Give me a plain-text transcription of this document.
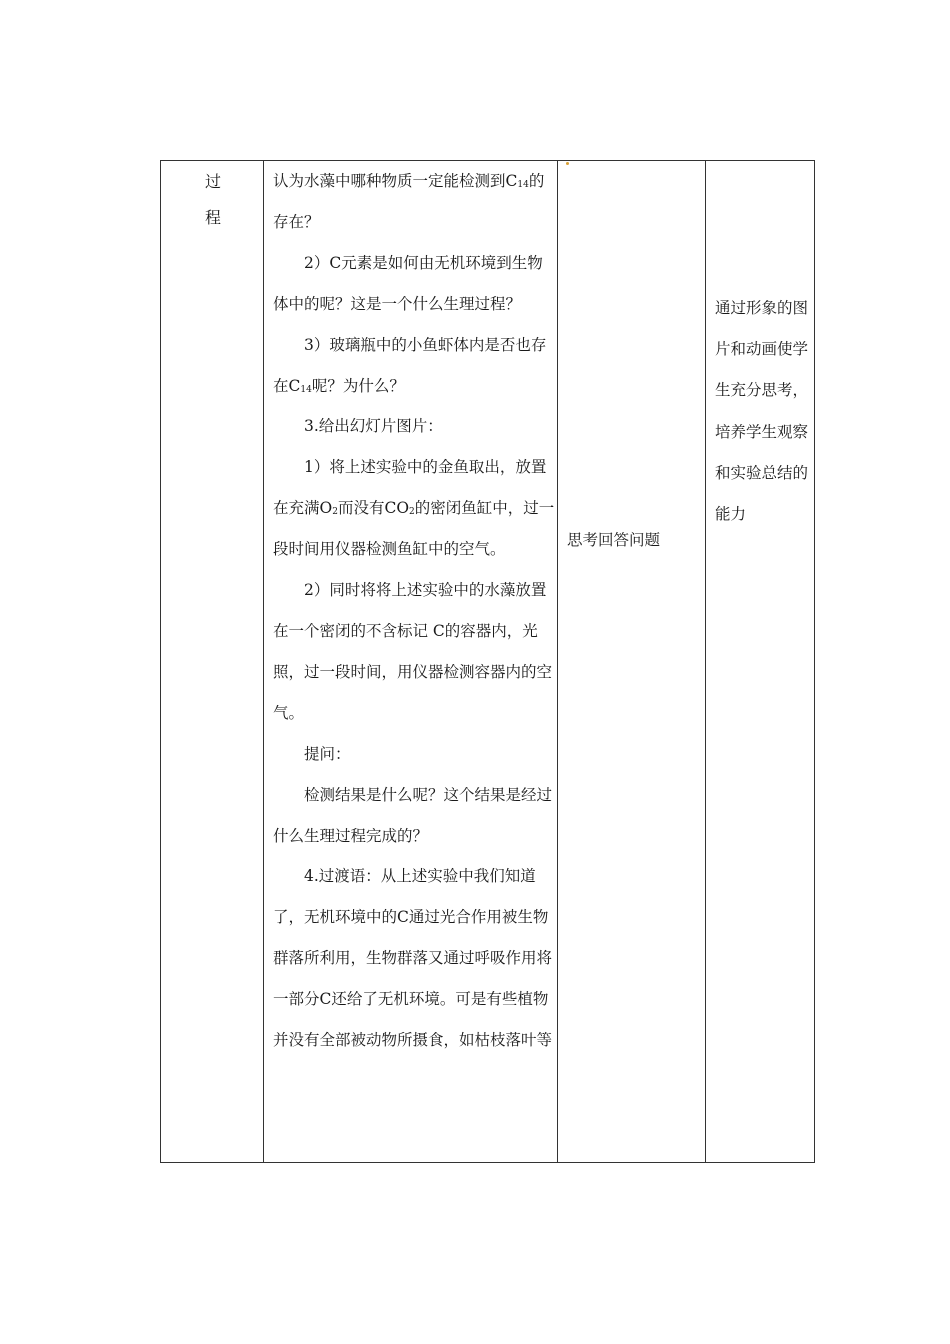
过
程

认为水藻中哪种物质一定能检测到$C_{14}$的存在？

2）C元素是如何由无机环境到生物体中的呢？这是一个什么生理过程？

3）玻璃瓶中的小鱼虾体内是否也存在$C_{14}$呢？为什么？

3.给出幻灯片图片：

1）将上述实验中的金鱼取出，放置在充满$O_2$而没有$CO_2$的密闭鱼缸中，过一段时间用仪器检测鱼缸中的空气。

2）同时将将上述实验中的水藻放置在一个密闭的不含标记 C的容器内，光照，过一段时间，用仪器检测容器内的空气。

提问：

检测结果是什么呢？这个结果是经过什么生理过程完成的？

4.过渡语：从上述实验中我们知道了，无机环境中的C通过光合作用被生物群落所利用，生物群落又通过呼吸作用将一部分C还给了无机环境。可是有些植物并没有全部被动物所摄食，如枯枝落叶等

思考回答问题
通过形象的图片和动画使学生充分思考，培养学生观察和实验总结的能力
